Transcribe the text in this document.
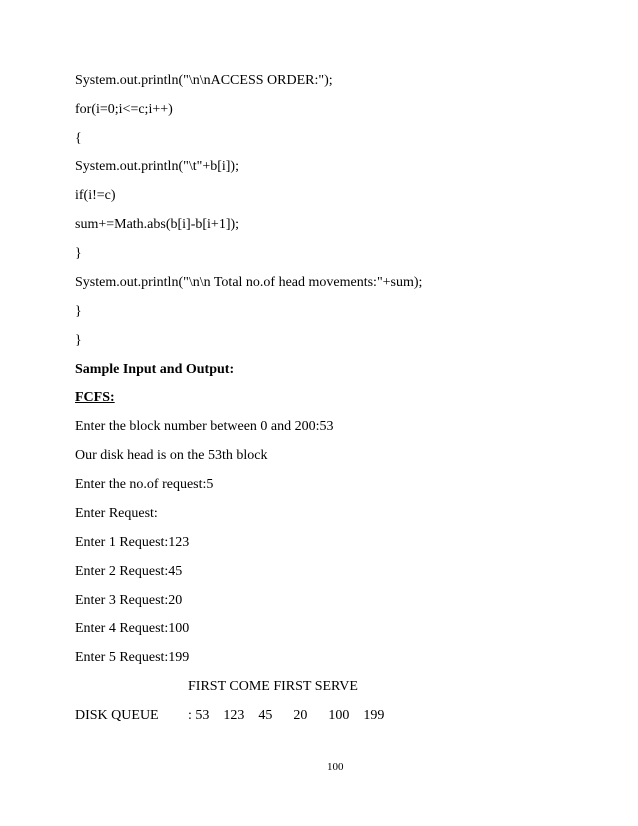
System.out.println("\n\nACCESS ORDER:");
for(i=0;i<=c;i++)
{
System.out.println("\t"+b[i]);
if(i!=c)
sum+=Math.abs(b[i]-b[i+1]);
}
System.out.println("\n\n Total no.of head movements:"+sum);
}
}
Sample Input and Output:
FCFS:
Enter the block number between 0 and 200:53
Our disk head is on the 53th block
Enter the no.of request:5
Enter Request:
Enter 1 Request:123
Enter 2 Request:45
Enter 3 Request:20
Enter 4 Request:100
Enter 5 Request:199
FIRST COME FIRST SERVE
DISK QUEUE : 53    123    45      20      100    199
100
